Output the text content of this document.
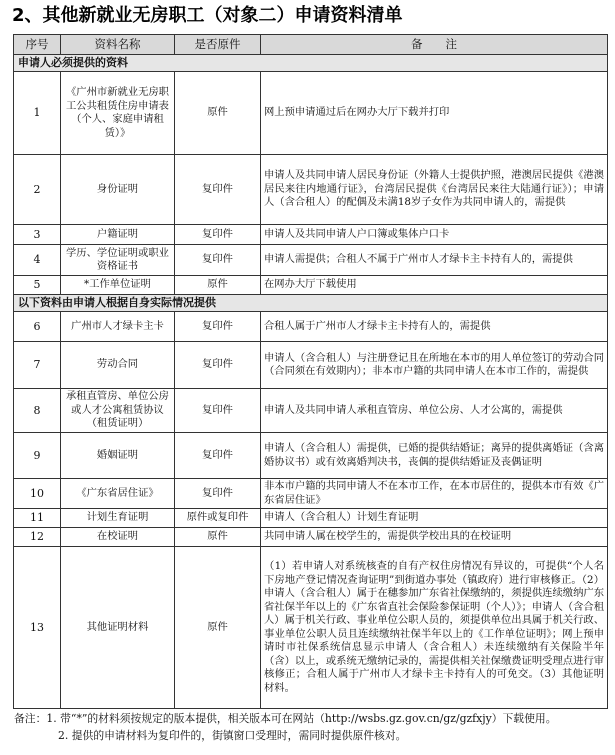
2、其他新就业无房职工（对象二）申请资料清单
序号	资料名称	是否原件	备　　注
申请人必须提供的资料			
1	《广州市新就业无房职工公共租赁住房申请表（个人、家庭申请租赁）》	原件	网上预申请通过后在网办大厅下载并打印
2	身份证明	复印件	申请人及共同申请人居民身份证（外籍人士提供护照，港澳居民提供《港澳居民来往内地通行证》，台湾居民提供《台湾居民来往大陆通行证》）；申请人（含合租人）的配偶及未满18岁子女作为共同申请人的，需提供
3	户籍证明	复印件	申请人及共同申请人户口簿或集体户口卡
4	学历、学位证明或职业资格证书	复印件	申请人需提供；合租人不属于广州市人才绿卡主卡持有人的，需提供
5	*工作单位证明	原件	在网办大厅下载使用
以下资料由申请人根据自身实际情况提供			
6	广州市人才绿卡主卡	复印件	合租人属于广州市人才绿卡主卡持有人的，需提供
7	劳动合同	复印件	申请人（含合租人）与注册登记且在所地在本市的用人单位签订的劳动合同（合同须在有效期内）；非本市户籍的共同申请人在本市工作的，需提供
8	承租直管房、单位公房或人才公寓租赁协议（租赁证明）	复印件	申请人及共同申请人承租直管房、单位公房、人才公寓的，需提供
9	婚姻证明	复印件	申请人（含合租人）需提供，已婚的提供结婚证；离异的提供离婚证（含离婚协议书）或有效离婚判决书，丧偶的提供结婚证及丧偶证明
10	《广东省居住证》	复印件	非本市户籍的共同申请人不在本市工作，在本市居住的，提供本市有效《广东省居住证》
11	计划生育证明	原件或复印件	申请人（含合租人）计划生育证明
12	在校证明	原件	共同申请人属在校学生的，需提供学校出具的在校证明
13	其他证明材料	原件	（1）若申请人对系统核查的自有产权住房情况有异议的，可提供“个人名下房地产登记情况查询证明”到街道办事处（镇政府）进行审核修正。（2）申请人（含合租人）属于在穗参加广东省社保缴纳的，须提供连续缴纳广东省社保半年以上的《广东省直社会保险参保证明（个人）》；申请人（含合租人）属于机关行政、事业单位公职人员的，须提供单位出具属于机关行政、事业单位公职人员且连续缴纳社保半年以上的《工作单位证明》；网上预申请时市社保系统信息显示申请人（含合租人）未连续缴纳有关保险半年（含）以上，或系统无缴纳记录的，需提供相关社保缴费证明受理点进行审核修正；合租人属于广州市人才绿卡主卡持有人的可免交。（3）其他证明材料。
备注：1. 带“*”的材料须按规定的版本提供，相关版本可在网站（http://wsbs.gz.gov.cn/gz/gzfxjy）下载使用。
2. 提供的申请材料为复印件的，街镇窗口受理时，需同时提供原件核对。
